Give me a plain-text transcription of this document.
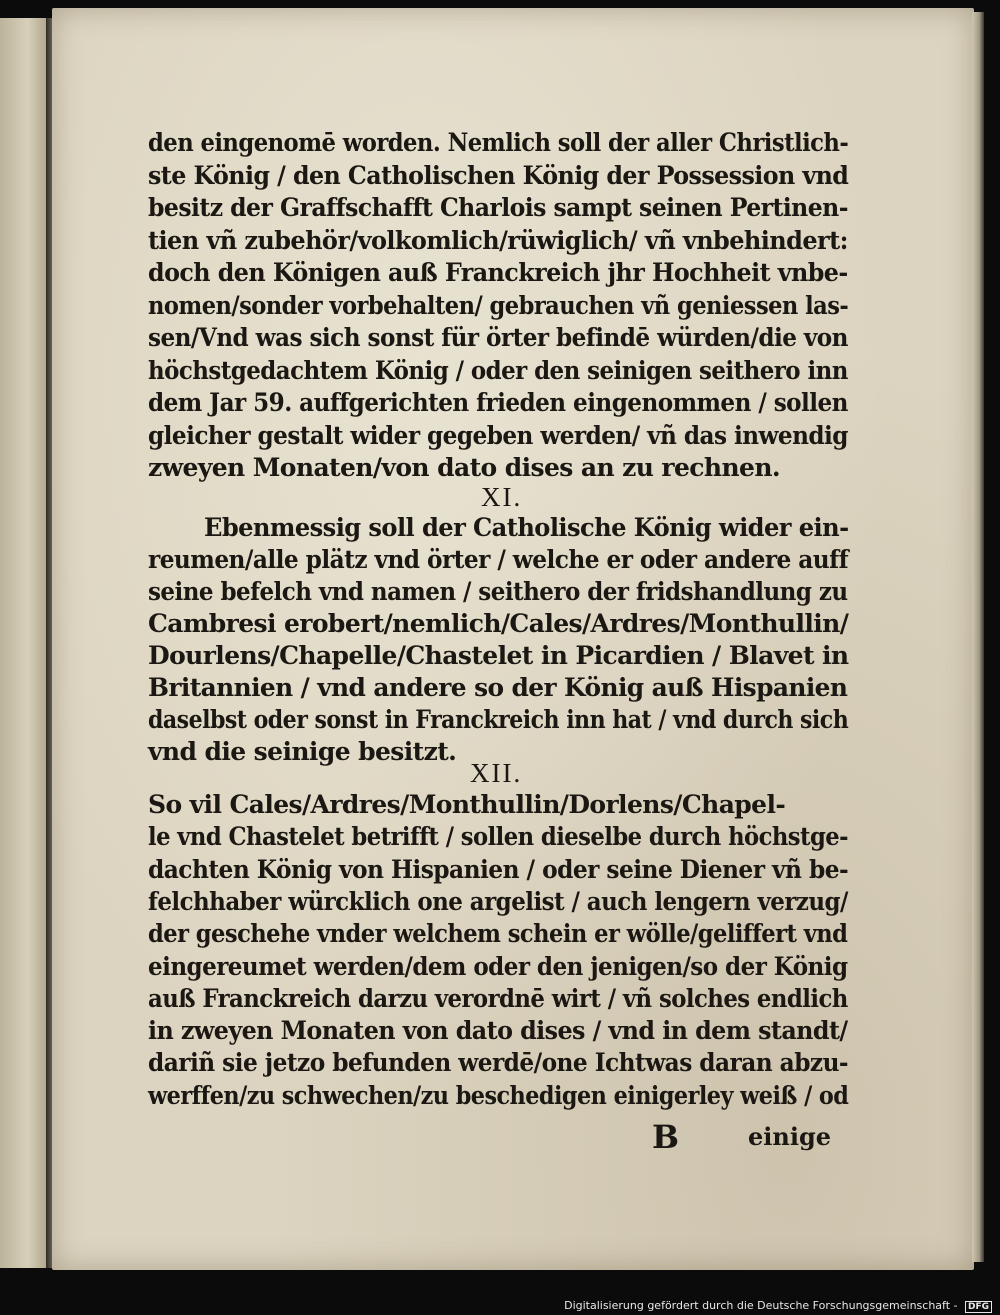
den eingenomē worden. Nemlich soll der aller Christlich-
ste König / den Catholischen König der Possession vnd
besitz der Graffschafft Charlois sampt seinen Pertinen-
tien vñ zubehör/volkomlich/rüwiglich/ vñ vnbehindert:
doch den Königen auß Franckreich jhr Hochheit vnbe-
nomen/sonder vorbehalten/ gebrauchen vñ geniessen las-
sen/Vnd was sich sonst für örter befindē würden/die von
höchstgedachtem König / oder den seinigen seithero inn
dem Jar 59. auffgerichten frieden eingenommen / sollen
gleicher gestalt wider gegeben werden/ vñ das inwendig
zweyen Monaten/von dato dises an zu rechnen.
XI.
Ebenmessig soll der Catholische König wider ein-
reumen/alle plätz vnd örter / welche er oder andere auff
seine befelch vnd namen / seithero der fridshandlung zu
Cambresi erobert/nemlich/Cales/Ardres/Monthullin/
Dourlens/Chapelle/Chastelet in Picardien / Blavet in
Britannien / vnd andere so der König auß Hispanien
daselbst oder sonst in Franckreich inn hat / vnd durch sich
vnd die seinige besitzt.
XII.
So vil Cales/Ardres/Monthullin/Dorlens/Chapel-
le vnd Chastelet betrifft / sollen dieselbe durch höchstge-
dachten König von Hispanien / oder seine Diener vñ be-
felchhaber würcklich one argelist / auch lengern verzug/
der geschehe vnder welchem schein er wölle/geliffert vnd
eingereumet werden/dem oder den jenigen/so der König
auß Franckreich darzu verordnē wirt / vñ solches endlich
in zweyen Monaten von dato dises / vnd in dem standt/
dariñ sie jetzo befunden werdē/one Ichtwas daran abzu-
werffen/zu schwechen/zu beschedigen einigerley weiß / od
B	einige
Digitalisierung gefördert durch die Deutsche Forschungsgemeinschaft - DFG
